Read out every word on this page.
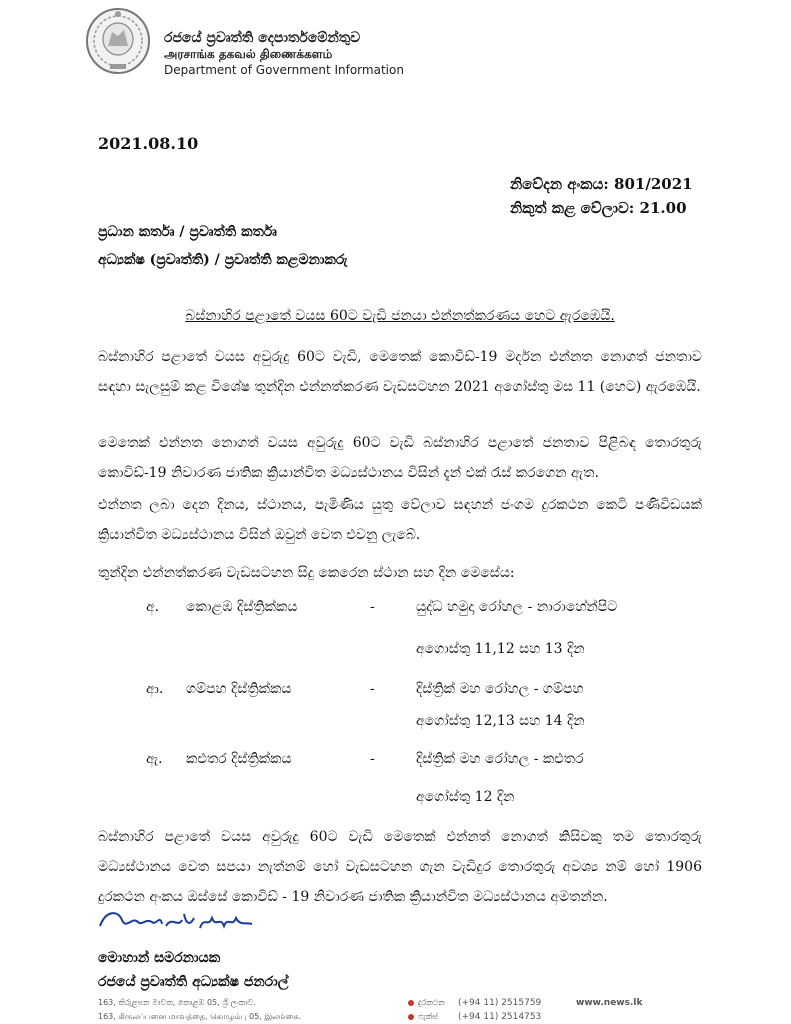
රජයේ ප්‍රවෘත්ති දෙපාර්තමේන්තුව
அரசாங்க தகவல் திணைக்களம்
Department of Government Information
2021.08.10
නිවේදන අංකය: 801/2021
නිකුත් කළ වේලාව: 21.00
ප්‍රධාන කර්තෘ / ප්‍රවෘත්ති කර්තෘ
අධ්‍යක්ෂ (ප්‍රවෘත්ති) / ප්‍රවෘත්ති කළමනාකරු
බස්නාහිර පළාතේ වයස 60ට වැඩි ජනයා එන්නත්කරණය හෙට ඇරඹෙයි.
බස්නාහිර පළාතේ වයස අවුරුදු 60ට වැඩි, මෙතෙක් කොවිඩ්-19 මර්දන එන්නත නොගත් ජනතාව සඳහා සැලසුම් කළ විශේෂ තුන්දින එන්නත්කරණ වැඩසටහන 2021 අගෝස්තු මස 11 (හෙට) ඇරඹෙයි.
මෙතෙක් එන්නත නොගත් වයස අවුරුදු 60ට වැඩි බස්නාහිර පළාතේ ජනතාව පිළිබඳ තොරතුරු කොවිඩ්-19 නිවාරණ ජාතික ක්‍රියාන්විත මධ්‍යස්ථානය විසින් දැන් එක් රැස් කරගෙන ඇත.
එන්නත ලබා දෙන දිනය, ස්ථානය, පැමිණිය යුතු වේලාව සඳහන් ජංගම දුරකථන කෙටි පණිවිඩයක් ක්‍රියාන්විත මධ්‍යස්ථානය විසින් ඔවුන් වෙත එවනු ලැබේ.
තුන්දින එන්නත්කරණ වැඩසටහන සිදු කෙරෙන ස්ථාන සහ දින මෙසේය:
අ. කොළඹ දිස්ත්‍රික්කය	-	යුද්ධ හමුදා රෝහල - නාරාහේන්පිට
අගොස්තු 11,12 සහ 13 දින
ආ. ගම්පහ දිස්ත්‍රික්කය	-	දිස්ත්‍රික් මහ රෝහල - ගම්පහ
අගෝස්තු 12,13 සහ 14 දින
ඇ. කළුතර දිස්ත්‍රික්කය	-	දිස්ත්‍රික් මහ රෝහල - කළුතර
අගෝස්තු 12 දින
බස්නාහිර පළාතේ වයස අවුරුදු 60ට වැඩි මෙතෙක් එන්නත් නොගත් කිසිවකු තම තොරතුරු මධ්‍යස්ථානය වෙත සපයා නැත්නම් හෝ වැඩසටහන ගැන වැඩිදුර තොරතුරු අවශ්‍ය නම් හෝ 1906 දුරකථන අංකය ඔස්සේ කොවිඩ් - 19 නිවාරණ ජාතික ක්‍රියාන්විත මධ්‍යස්ථානය අමතන්න.
මොහාන් සමරනායක
රජයේ ප්‍රවෘත්ති අධ්‍යක්ෂ ජනරාල්
163, කිරුළපන මාවත, කොළඹ 05, ශ්‍රී ලංකාව.
163, கிருலப்பனை மாவத்தை, கொழும்பு 05, இலங்கை.
දුරකථන (+94 11) 2515759
ෆැක්ස් (+94 11) 2514753
www.news.lk
